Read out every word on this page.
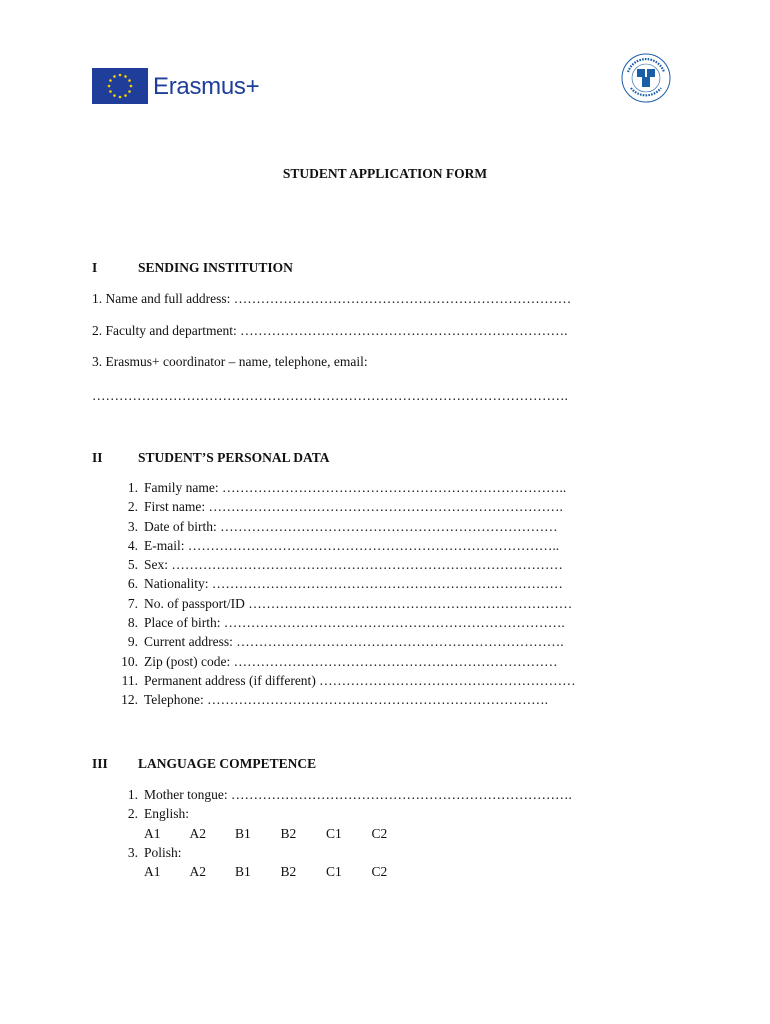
Erasmus+
STUDENT APPLICATION FORM
I	SENDING INSTITUTION
1. Name and full address: …………………………………………………………………
2. Faculty and department: ……………………………………………………………….
3. Erasmus+ coordinator – name, telephone, email:
…………………………………………………………………………………………….
II	STUDENT’S PERSONAL DATA
1. Family name: …………………………………………………………………..
2. First name: …………………………………………………………………….
3. Date of birth: …………………………………………………………………
4. E-mail: ………………………………………………………………………..
5. Sex: ……………………………………………………………………………
6. Nationality: ……………………………………………………………………
7. No. of passport/ID ………………………………………………………………
8. Place of birth: ………………………………………………………………….
9. Current address: ……………………………………………………………….
10. Zip (post) code: ………………………………………………………………
11. Permanent address (if different) …………………………………………………
12. Telephone: ………………………………………………………………….
III LANGUAGE COMPETENCE
1. Mother tongue: ………………………………………………………………….
2. English:
A1	A2	B1	B2	C1	C2
3. Polish:
A1	A2	B1	B2	C1	C2
